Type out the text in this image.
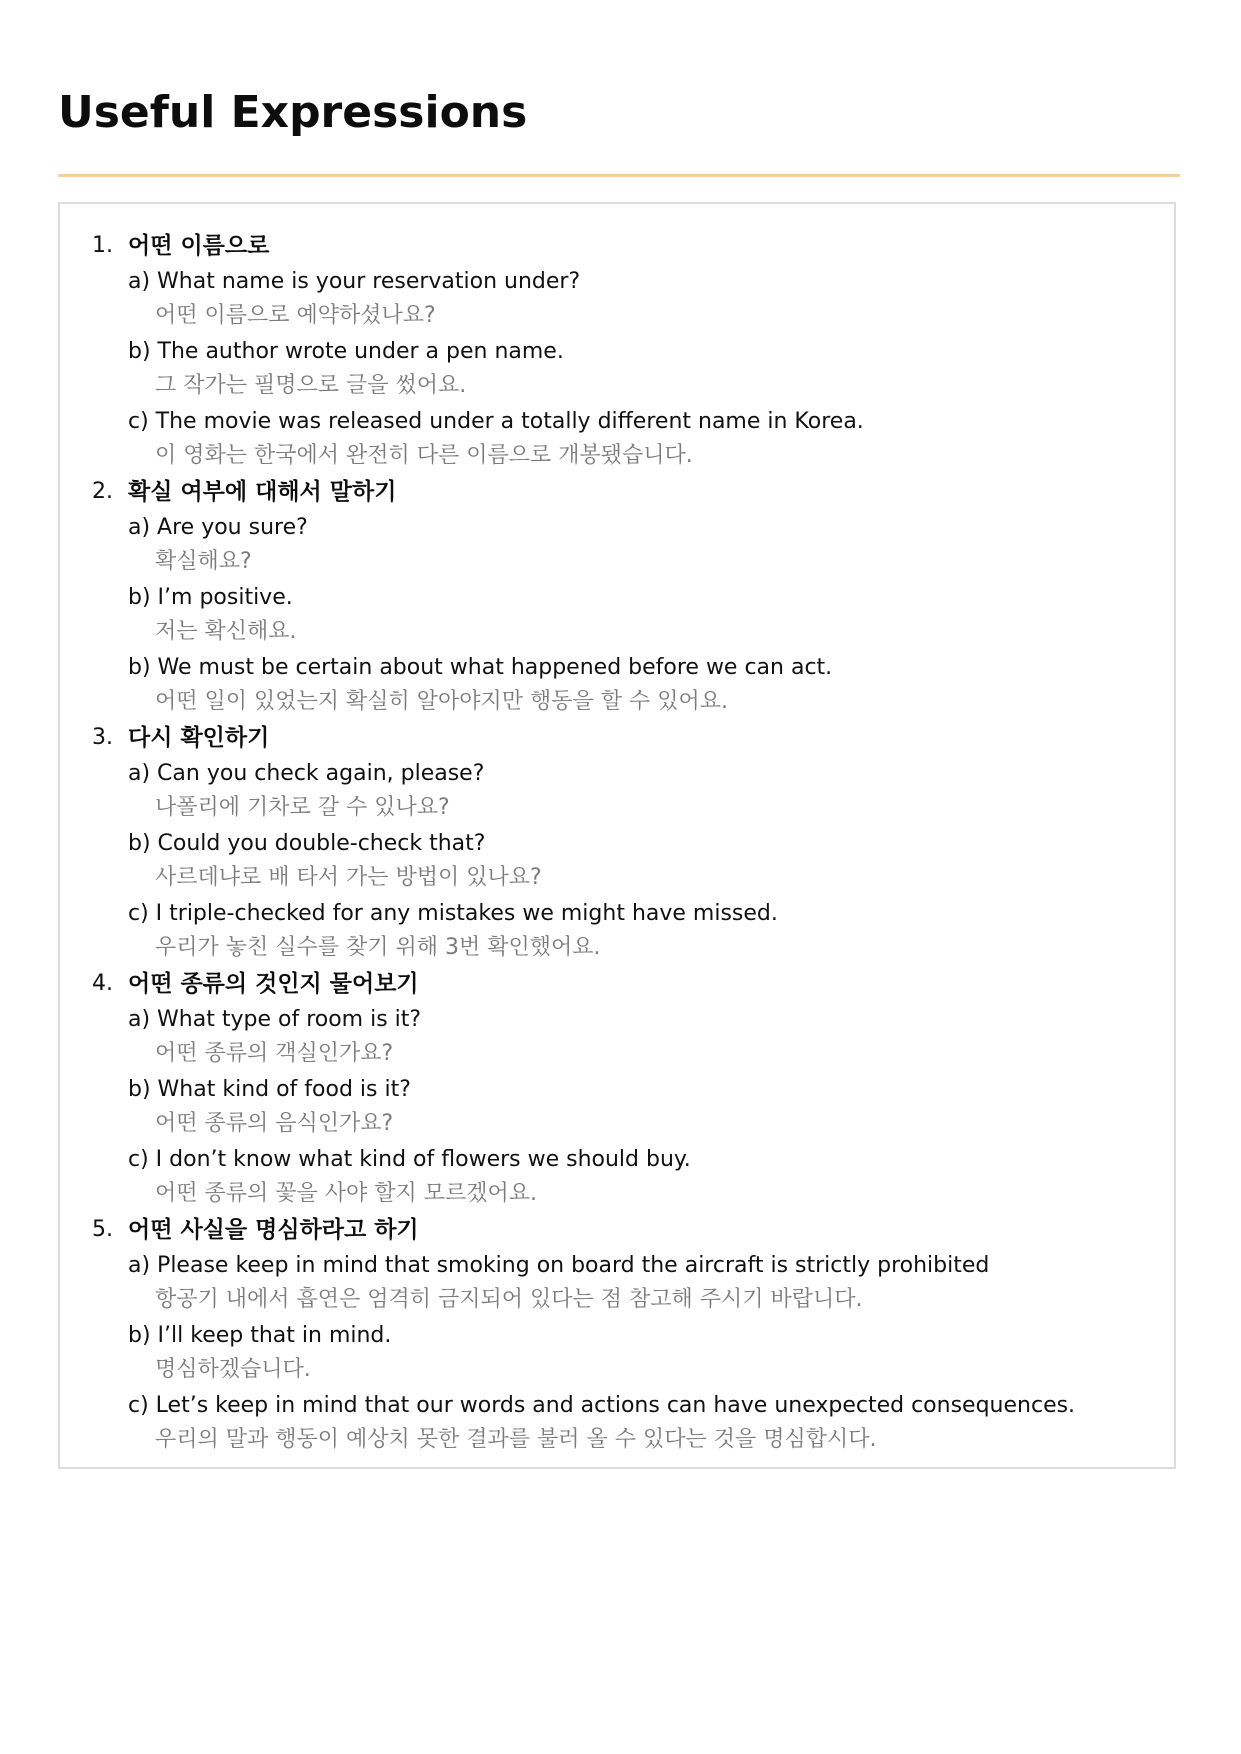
Useful Expressions
1. 어떤 이름으로
a) What name is your reservation under?
어떤 이름으로 예약하셨나요?
b) The author wrote under a pen name.
그 작가는 필명으로 글을 썼어요.
c) The movie was released under a totally different name in Korea.
이 영화는 한국에서 완전히 다른 이름으로 개봉됐습니다.
2. 확실 여부에 대해서 말하기
a) Are you sure?
확실해요?
b) I’m positive.
저는 확신해요.
b) We must be certain about what happened before we can act.
어떤 일이 있었는지 확실히 알아야지만 행동을 할 수 있어요.
3. 다시 확인하기
a) Can you check again, please?
나폴리에 기차로 갈 수 있나요?
b) Could you double-check that?
사르데냐로 배 타서 가는 방법이 있나요?
c) I triple-checked for any mistakes we might have missed.
우리가 놓친 실수를 찾기 위해 3번 확인했어요.
4. 어떤 종류의 것인지 물어보기
a) What type of room is it?
어떤 종류의 객실인가요?
b) What kind of food is it?
어떤 종류의 음식인가요?
c) I don’t know what kind of flowers we should buy.
어떤 종류의 꽃을 사야 할지 모르겠어요.
5. 어떤 사실을 명심하라고 하기
a) Please keep in mind that smoking on board the aircraft is strictly prohibited
항공기 내에서 흡연은 엄격히 금지되어 있다는 점 참고해 주시기 바랍니다.
b) I’ll keep that in mind.
명심하겠습니다.
c) Let’s keep in mind that our words and actions can have unexpected consequences.
우리의 말과 행동이 예상치 못한 결과를 불러 올 수 있다는 것을 명심합시다.
